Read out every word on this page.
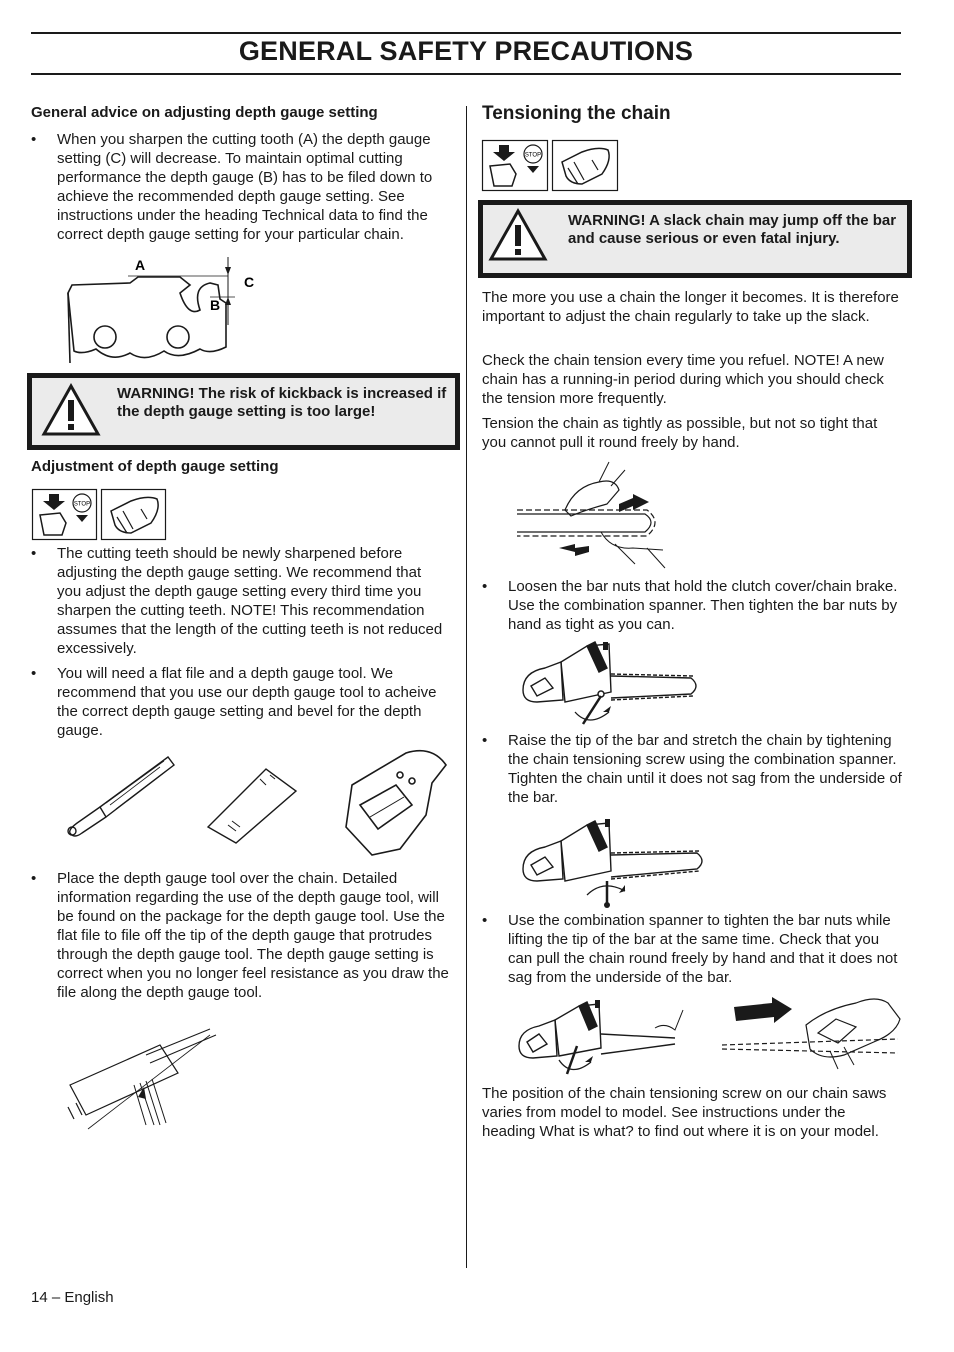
GENERAL SAFETY PRECAUTIONS
General advice on adjusting depth gauge setting
• When you sharpen the cutting tooth (A) the depth gauge setting (C) will decrease. To maintain optimal cutting performance the depth gauge (B) has to be filed down to achieve the recommended depth gauge setting. See instructions under the heading Technical data to find the correct depth gauge setting for your particular chain.
A
C
B
WARNING! The risk of kickback is increased if the depth gauge setting is too large!
Adjustment of depth gauge setting
STOP
• The cutting teeth should be newly sharpened before adjusting the depth gauge setting. We recommend that you adjust the depth gauge setting every third time you sharpen the cutting teeth. NOTE! This recommendation assumes that the length of the cutting teeth is not reduced excessively.
• You will need a flat file and a depth gauge tool. We recommend that you use our depth gauge tool to acheive the correct depth gauge setting and bevel for the depth gauge.
• Place the depth gauge tool over the chain. Detailed information regarding the use of the depth gauge tool, will be found on the package for the depth gauge tool. Use the flat file to file off the tip of the depth gauge that protrudes through the depth gauge tool. The depth gauge setting is correct when you no longer feel resistance as you draw the file along the depth gauge tool.
Tensioning the chain
STOP
WARNING! A slack chain may jump off the bar and cause serious or even fatal injury.
The more you use a chain the longer it becomes. It is therefore important to adjust the chain regularly to take up the slack.
Check the chain tension every time you refuel. NOTE! A new chain has a running-in period during which you should check the tension more frequently.
Tension the chain as tightly as possible, but not so tight that you cannot pull it round freely by hand.
• Loosen the bar nuts that hold the clutch cover/chain brake. Use the combination spanner. Then tighten the bar nuts by hand as tight as you can.
• Raise the tip of the bar and stretch the chain by tightening the chain tensioning screw using the combination spanner. Tighten the chain until it does not sag from the underside of the bar.
• Use the combination spanner to tighten the bar nuts while lifting the tip of the bar at the same time. Check that you can pull the chain round freely by hand and that it does not sag from the underside of the bar.
The position of the chain tensioning screw on our chain saws varies from model to model. See instructions under the heading What is what? to find out where it is on your model.
14 – English
